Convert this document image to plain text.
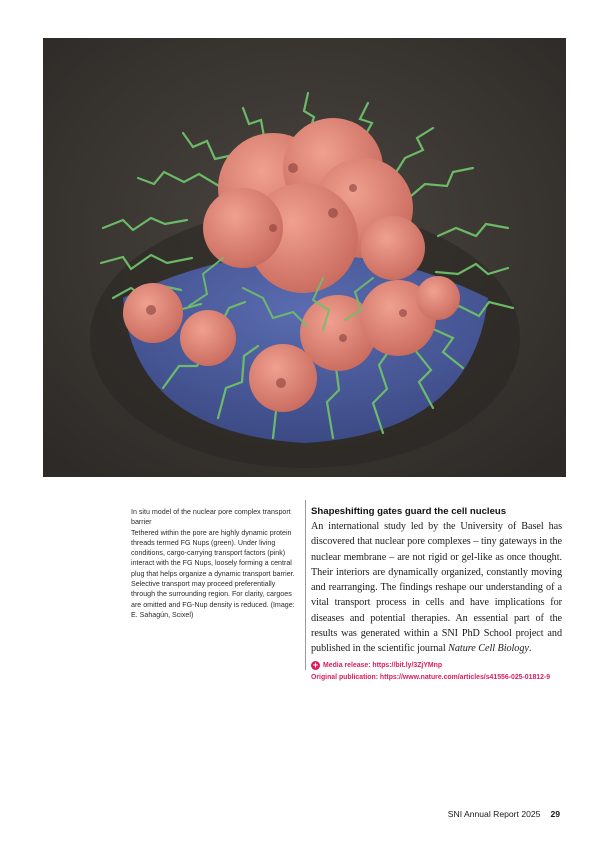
In situ model of the nuclear pore complex transport barrier
Tethered within the pore are highly dynamic protein threads termed FG Nups (green). Under living conditions, cargo-carrying transport factors (pink) interact with the FG Nups, loosely forming a central plug that helps organize a dynamic transport barrier. Selective transport may proceed preferentially through the surrounding region. For clarity, cargoes are omitted and FG-Nup density is reduced. (Image: E. Sahagún, Scixel)
Shapeshifting gates guard the cell nucleus

An international study led by the University of Basel has discovered that nuclear pore complexes – tiny gateways in the nuclear membrane – are not rigid or gel-like as once thought. Their interiors are dynamically organized, constantly moving and rearranging. The findings reshape our understanding of a vital transport process in cells and have implications for diseases and potential therapies. An essential part of the results was generated within a SNI PhD School project and published in the scientific journal Nature Cell Biology.

+ Media release: https://bit.ly/3ZjYMnp
Original publication: https://www.nature.com/articles/s41556-025-01812-9
SNI Annual Report 2025 29
